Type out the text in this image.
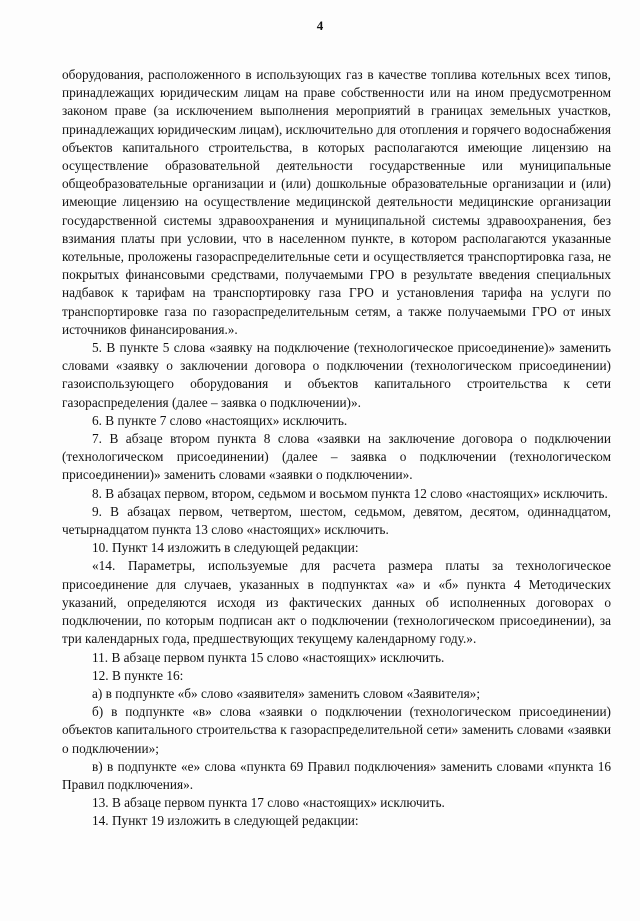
4

оборудования, расположенного в использующих газ в качестве топлива котельных всех типов, принадлежащих юридическим лицам на праве собственности или на ином предусмотренном законом праве (за исключением выполнения мероприятий в границах земельных участков, принадлежащих юридическим лицам), исключительно для отопления и горячего водоснабжения объектов капитального строительства, в которых располагаются имеющие лицензию на осуществление образовательной деятельности государственные или муниципальные общеобразовательные организации и (или) дошкольные образовательные организации и (или) имеющие лицензию на осуществление медицинской деятельности медицинские организации государственной системы здравоохранения и муниципальной системы здравоохранения, без взимания платы при условии, что в населенном пункте, в котором располагаются указанные котельные, проложены газораспределительные сети и осуществляется транспортировка газа, не покрытых финансовыми средствами, получаемыми ГРО в результате введения специальных надбавок к тарифам на транспортировку газа ГРО и установления тарифа на услуги по транспортировке газа по газораспределительным сетям, а также получаемыми ГРО от иных источников финансирования.».

5. В пункте 5 слова «заявку на подключение (технологическое присоединение)» заменить словами «заявку о заключении договора о подключении (технологическом присоединении) газоиспользующего оборудования и объектов капитального строительства к сети газораспределения (далее – заявка о подключении)».

6. В пункте 7 слово «настоящих» исключить.

7. В абзаце втором пункта 8 слова «заявки на заключение договора о подключении (технологическом присоединении) (далее – заявка о подключении (технологическом присоединении)» заменить словами «заявки о подключении».

8. В абзацах первом, втором, седьмом и восьмом пункта 12 слово «настоящих» исключить.

9. В абзацах первом, четвертом, шестом, седьмом, девятом, десятом, одиннадцатом, четырнадцатом пункта 13 слово «настоящих» исключить.

10. Пункт 14 изложить в следующей редакции:

«14. Параметры, используемые для расчета размера платы за технологическое присоединение для случаев, указанных в подпунктах «а» и «б» пункта 4 Методических указаний, определяются исходя из фактических данных об исполненных договорах о подключении, по которым подписан акт о подключении (технологическом присоединении), за три календарных года, предшествующих текущему календарному году.».

11. В абзаце первом пункта 15 слово «настоящих» исключить.

12. В пункте 16:

а) в подпункте «б» слово «заявителя» заменить словом «Заявителя»;

б) в подпункте «в» слова «заявки о подключении (технологическом присоединении) объектов капитального строительства к газораспределительной сети» заменить словами «заявки о подключении»;

в) в подпункте «е» слова «пункта 69 Правил подключения» заменить словами «пункта 16 Правил подключения».

13. В абзаце первом пункта 17 слово «настоящих» исключить.

14. Пункт 19 изложить в следующей редакции:
